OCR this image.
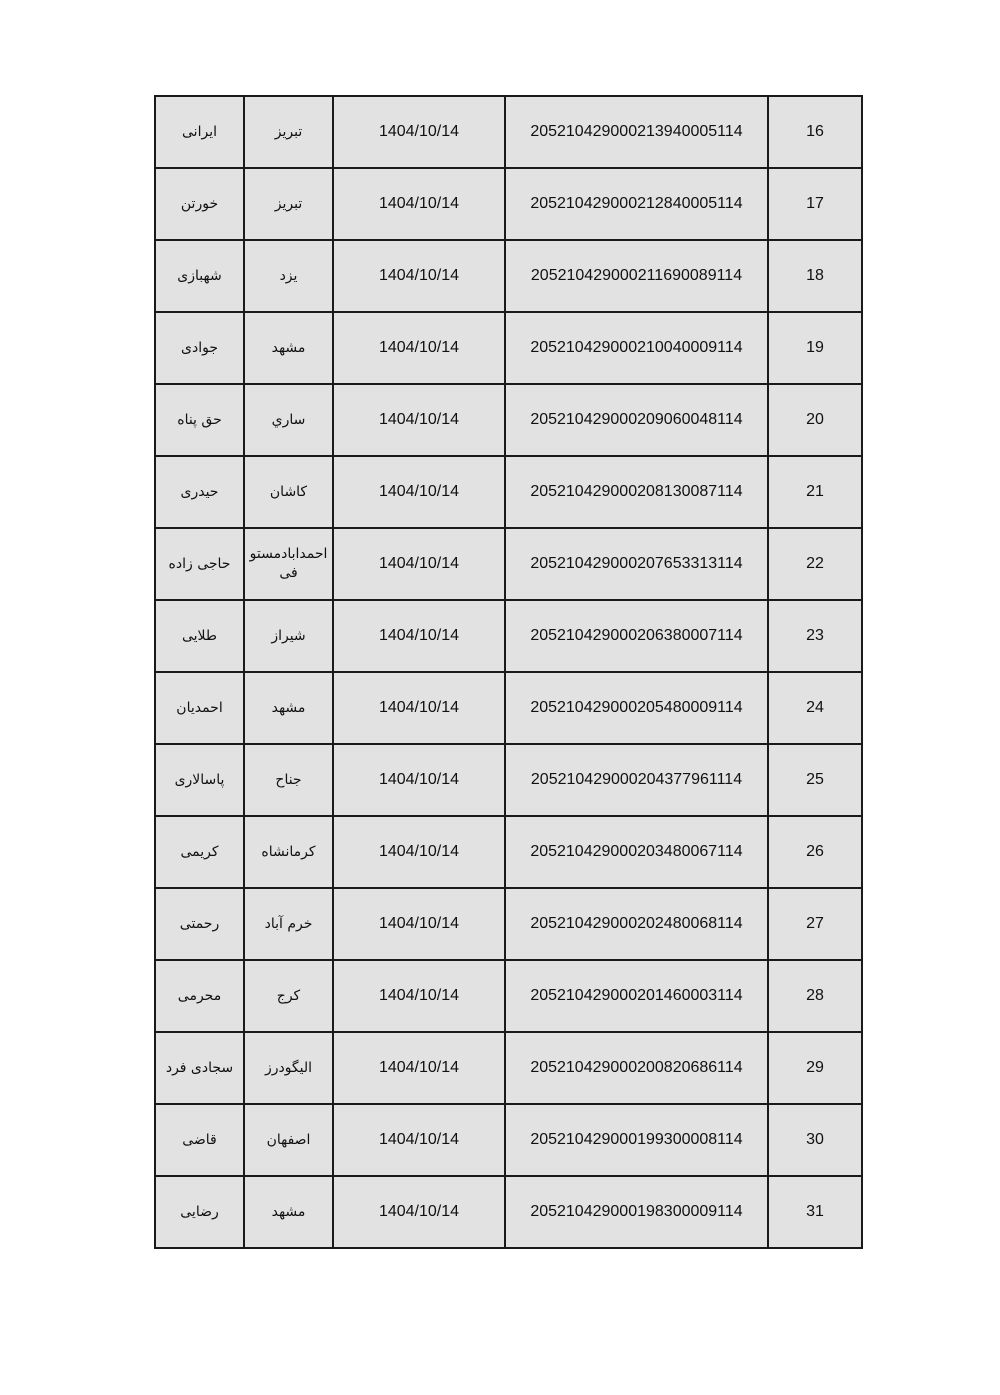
ایرانی	تبریز	1404/10/14	205210429000213940005114	16
خورتن	تبریز	1404/10/14	205210429000212840005114	17
شهبازی	یزد	1404/10/14	205210429000211690089114	18
جوادی	مشهد	1404/10/14	205210429000210040009114	19
حق پناه	ساري	1404/10/14	205210429000209060048114	20
حیدری	کاشان	1404/10/14	205210429000208130087114	21
حاجی زاده	احمدابادمستو فی	1404/10/14	205210429000207653313114	22
طلایی	شیراز	1404/10/14	205210429000206380007114	23
احمدیان	مشهد	1404/10/14	205210429000205480009114	24
پاسالاری	جناح	1404/10/14	205210429000204377961114	25
کریمی	کرمانشاه	1404/10/14	205210429000203480067114	26
رحمتی	خرم آباد	1404/10/14	205210429000202480068114	27
محرمی	کرج	1404/10/14	205210429000201460003114	28
سجادی فرد	الیگودرز	1404/10/14	205210429000200820686114	29
قاضی	اصفهان	1404/10/14	205210429000199300008114	30
رضایی	مشهد	1404/10/14	205210429000198300009114	31
